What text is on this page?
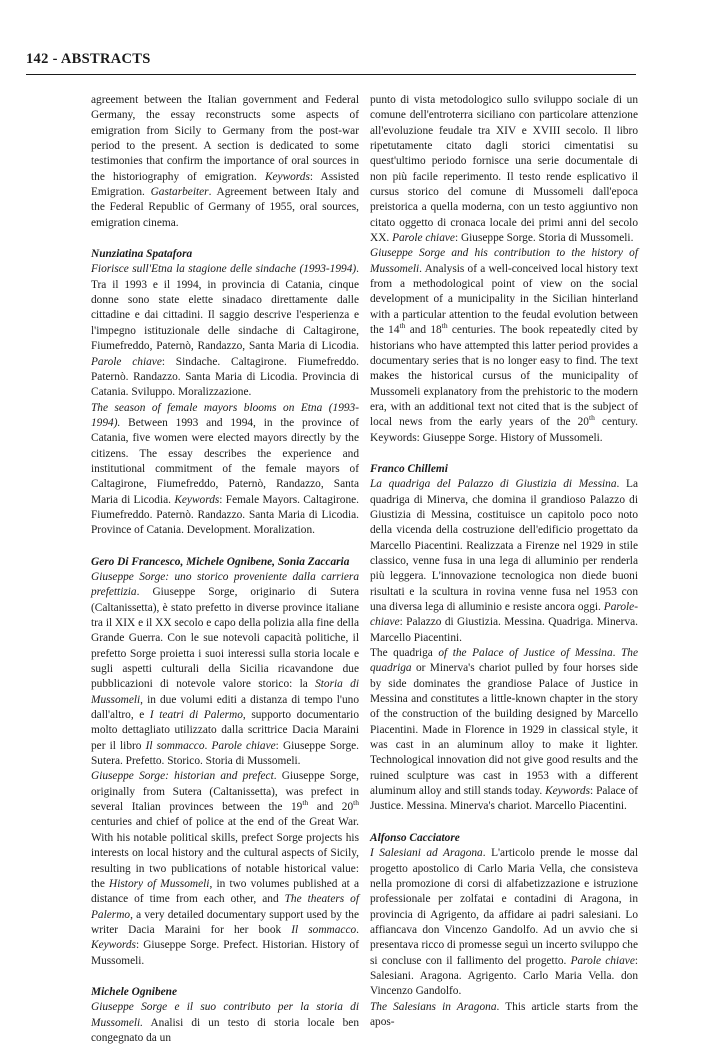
142 - ABSTRACTS

agreement between the Italian government and Federal Germany, the essay reconstructs some aspects of emigration from Sicily to Germany from the post-war period to the present. A section is dedicated to some testimonies that confirm the importance of oral sources in the historiography of emigration. Keywords: Assisted Emigration. Gastarbeiter. Agreement between Italy and the Federal Republic of Germany of 1955, oral sources, emigration cinema.

Nunziatina Spatafora

Fiorisce sull'Etna la stagione delle sindache (1993-1994). Tra il 1993 e il 1994, in provincia di Catania, cinque donne sono state elette sinadaco direttamente dalle cittadine e dai cittadini. Il saggio descrive l'esperienza e l'impegno istituzionale delle sindache di Caltagirone, Fiumefreddo, Paternò, Randazzo, Santa Maria di Licodia. Parole chiave: Sindache. Caltagirone. Fiumefreddo. Paternò. Randazzo. Santa Maria di Licodia. Provincia di Catania. Sviluppo. Moralizzazione.

The season of female mayors blooms on Etna (1993-1994). Between 1993 and 1994, in the province of Catania, five women were elected mayors directly by the citizens. The essay describes the experience and institutional commitment of the female mayors of Caltagirone, Fiumefreddo, Paternò, Randazzo, Santa Maria di Licodia. Keywords: Female Mayors. Caltagirone. Fiumefreddo. Paternò. Randazzo. Santa Maria di Licodia. Province of Catania. Development. Moralization.

Gero Di Francesco, Michele Ognibene, Sonia Zaccaria

Giuseppe Sorge: uno storico proveniente dalla carriera prefettizia. Giuseppe Sorge, originario di Sutera (Caltanissetta), è stato prefetto in diverse province italiane tra il XIX e il XX secolo e capo della polizia alla fine della Grande Guerra. Con le sue notevoli capacità politiche, il prefetto Sorge proietta i suoi interessi sulla storia locale e sugli aspetti culturali della Sicilia ricavandone due pubblicazioni di notevole valore storico: la Storia di Mussomeli, in due volumi editi a distanza di tempo l'uno dall'altro, e I teatri di Palermo, supporto documentario molto dettagliato utilizzato dalla scrittrice Dacia Maraini per il libro Il sommacco. Parole chiave: Giuseppe Sorge. Sutera. Prefetto. Storico. Storia di Mussomeli.

Giuseppe Sorge: historian and prefect. Giuseppe Sorge, originally from Sutera (Caltanissetta), was prefect in several Italian provinces between the 19th and 20th centuries and chief of police at the end of the Great War. With his notable political skills, prefect Sorge projects his interests on local history and the cultural aspects of Sicily, resulting in two publications of notable historical value: the History of Mussomeli, in two volumes published at a distance of time from each other, and The theaters of Palermo, a very detailed documentary support used by the writer Dacia Maraini for her book Il sommacco. Keywords: Giuseppe Sorge. Prefect. Historian. History of Mussomeli.

Michele Ognibene

Giuseppe Sorge e il suo contributo per la storia di Mussomeli. Analisi di un testo di storia locale ben congegnato da un

punto di vista metodologico sullo sviluppo sociale di un comune dell'entroterra siciliano con particolare attenzione all'evoluzione feudale tra XIV e XVIII secolo. Il libro ripetutamente citato dagli storici cimentatisi su quest'ultimo periodo fornisce una serie documentale di non più facile reperimento. Il testo rende esplicativo il cursus storico del comune di Mussomeli dall'epoca preistorica a quella moderna, con un testo aggiuntivo non citato oggetto di cronaca locale dei primi anni del secolo XX. Parole chiave: Giuseppe Sorge. Storia di Mussomeli.

Giuseppe Sorge and his contribution to the history of Mussomeli. Analysis of a well-conceived local history text from a methodological point of view on the social development of a municipality in the Sicilian hinterland with a particular attention to the feudal evolution between the 14th and 18th centuries. The book repeatedly cited by historians who have attempted this latter period provides a documentary series that is no longer easy to find. The text makes the historical cursus of the municipality of Mussomeli explanatory from the prehistoric to the modern era, with an additional text not cited that is the subject of local news from the early years of the 20th century. Keywords: Giuseppe Sorge. History of Mussomeli.

Franco Chillemi

La quadriga del Palazzo di Giustizia di Messina. La quadriga di Minerva, che domina il grandioso Palazzo di Giustizia di Messina, costituisce un capitolo poco noto della vicenda della costruzione dell'edificio progettato da Marcello Piacentini. Realizzata a Firenze nel 1929 in stile classico, venne fusa in una lega di alluminio per renderla più leggera. L'innovazione tecnologica non diede buoni risultati e la scultura in rovina venne fusa nel 1953 con una diversa lega di alluminio e resiste ancora oggi. Parole-chiave: Palazzo di Giustizia. Messina. Quadriga. Minerva. Marcello Piacentini.

The quadriga of the Palace of Justice of Messina. The quadriga or Minerva's chariot pulled by four horses side by side dominates the grandiose Palace of Justice in Messina and constitutes a little-known chapter in the story of the construction of the building designed by Marcello Piacentini. Made in Florence in 1929 in classical style, it was cast in an aluminum alloy to make it lighter. Technological innovation did not give good results and the ruined sculpture was cast in 1953 with a different aluminum alloy and still stands today. Keywords: Palace of Justice. Messina. Minerva's chariot. Marcello Piacentini.

Alfonso Cacciatore

I Salesiani ad Aragona. L'articolo prende le mosse dal progetto apostolico di Carlo Maria Vella, che consisteva nella promozione di corsi di alfabetizzazione e istruzione professionale per zolfatai e contadini di Aragona, in provincia di Agrigento, da affidare ai padri salesiani. Lo affiancava don Vincenzo Gandolfo. Ad un avvio che si presentava ricco di promesse seguì un incerto sviluppo che si concluse con il fallimento del progetto. Parole chiave: Salesiani. Aragona. Agrigento. Carlo Maria Vella. don Vincenzo Gandolfo.

The Salesians in Aragona. This article starts from the apos-
